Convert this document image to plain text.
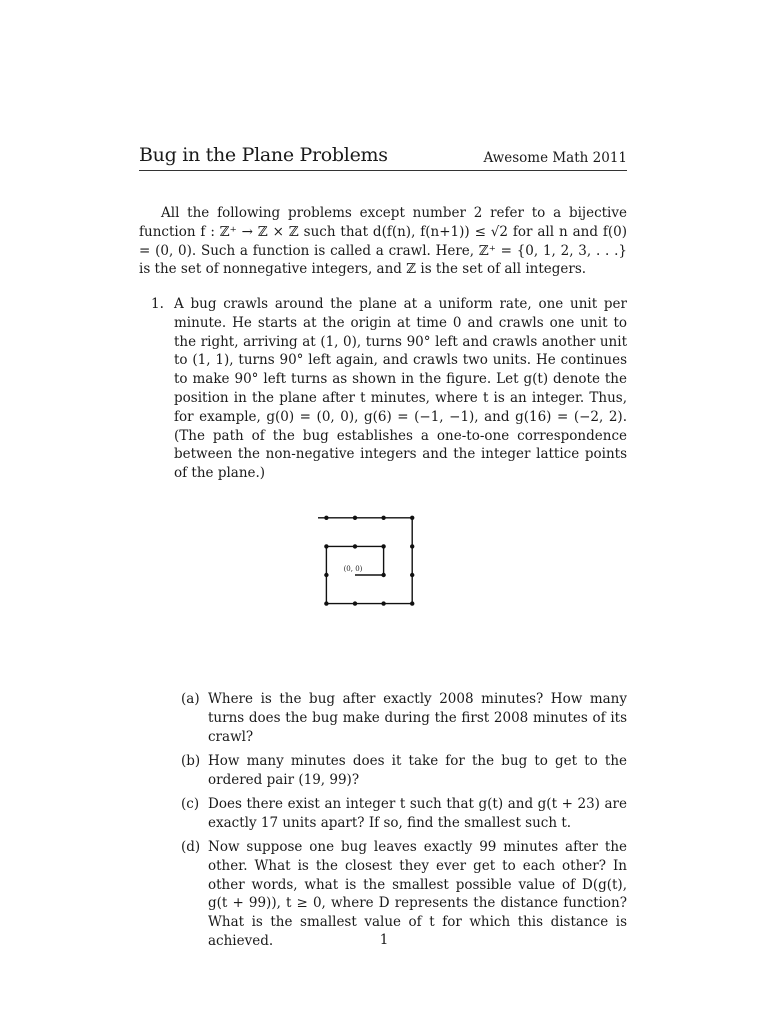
Bug in the Plane Problems	Awesome Math 2011

All the following problems except number 2 refer to a bijective function f : ℤ⁺ → ℤ × ℤ such that d(f(n), f(n+1)) ≤ √2 for all n and f(0) = (0, 0). Such a function is called a crawl. Here, ℤ⁺ = {0, 1, 2, 3, . . .} is the set of nonnegative integers, and ℤ is the set of all integers.

1. A bug crawls around the plane at a uniform rate, one unit per minute. He starts at the origin at time 0 and crawls one unit to the right, arriving at (1, 0), turns 90° left and crawls another unit to (1, 1), turns 90° left again, and crawls two units. He continues to make 90° left turns as shown in the figure. Let g(t) denote the position in the plane after t minutes, where t is an integer. Thus, for example, g(0) = (0, 0), g(6) = (−1, −1), and g(16) = (−2, 2). (The path of the bug establishes a one-to-one correspondence between the non-negative integers and the integer lattice points of the plane.)
(0, 0)
(a) Where is the bug after exactly 2008 minutes? How many turns does the bug make during the first 2008 minutes of its crawl?
(b) How many minutes does it take for the bug to get to the ordered pair (19, 99)?
(c) Does there exist an integer t such that g(t) and g(t + 23) are exactly 17 units apart? If so, find the smallest such t.
(d) Now suppose one bug leaves exactly 99 minutes after the other. What is the closest they ever get to each other? In other words, what is the smallest possible value of D(g(t), g(t + 99)), t ≥ 0, where D represents the distance function? What is the smallest value of t for which this distance is achieved.	1
